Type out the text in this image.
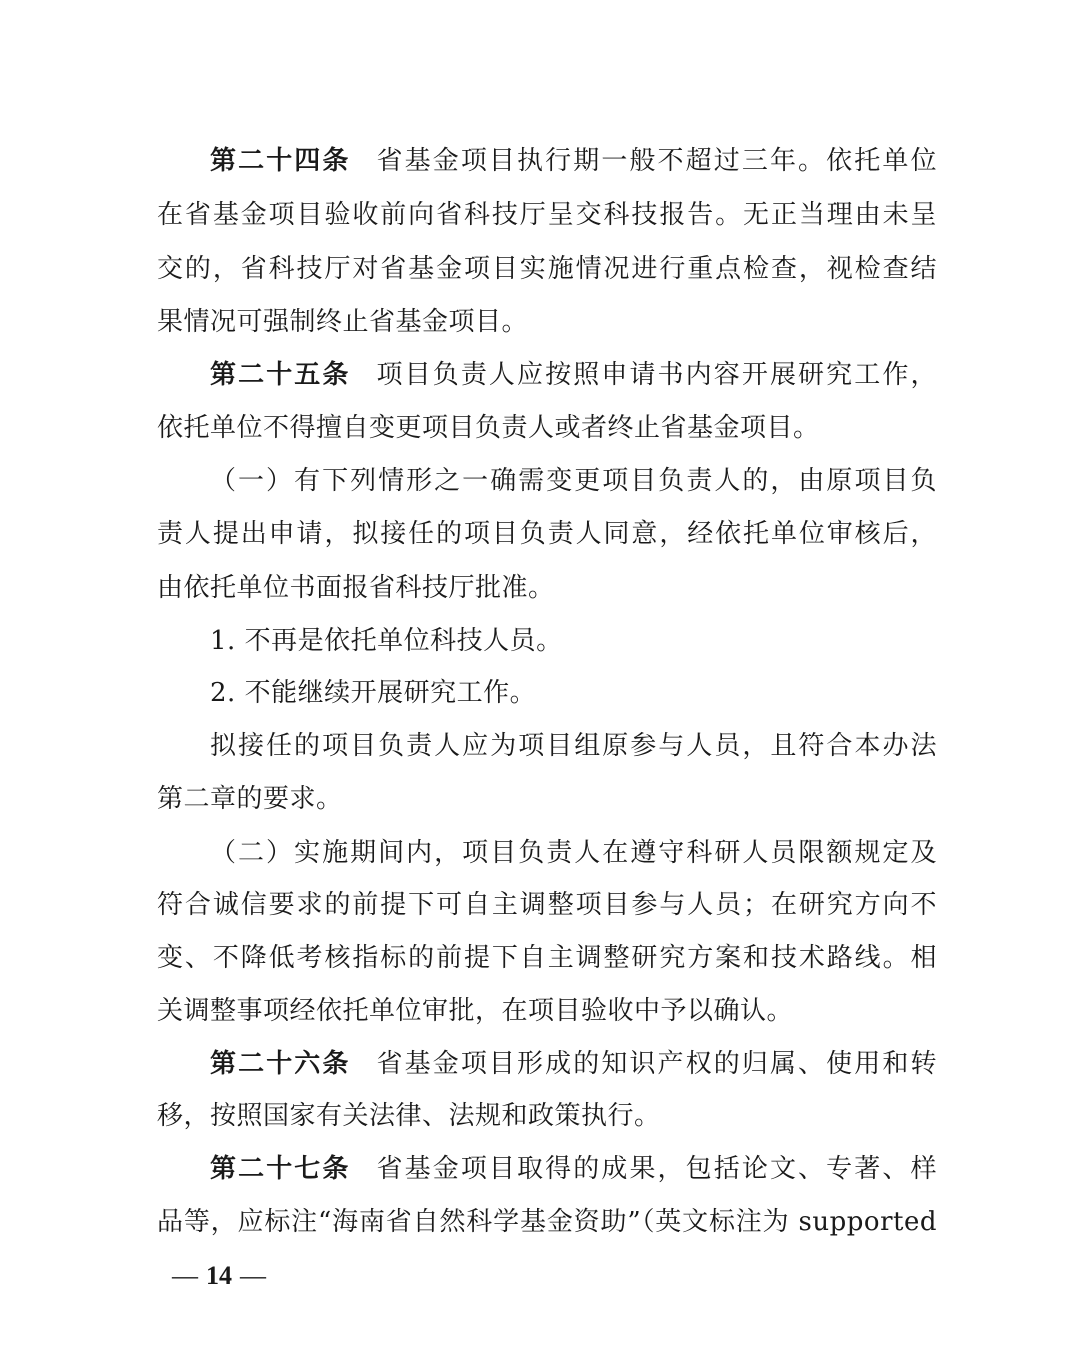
第二十四条 省基金项目执行期一般不超过三年。依托单位
在省基金项目验收前向省科技厅呈交科技报告。无正当理由未呈
交的，省科技厅对省基金项目实施情况进行重点检查，视检查结
果情况可强制终止省基金项目。
第二十五条 项目负责人应按照申请书内容开展研究工作，
依托单位不得擅自变更项目负责人或者终止省基金项目。
（一）有下列情形之一确需变更项目负责人的，由原项目负
责人提出申请，拟接任的项目负责人同意，经依托单位审核后，
由依托单位书面报省科技厅批准。
1. 不再是依托单位科技人员。
2. 不能继续开展研究工作。
拟接任的项目负责人应为项目组原参与人员，且符合本办法
第二章的要求。
（二）实施期间内，项目负责人在遵守科研人员限额规定及
符合诚信要求的前提下可自主调整项目参与人员；在研究方向不
变、不降低考核指标的前提下自主调整研究方案和技术路线。相
关调整事项经依托单位审批，在项目验收中予以确认。
第二十六条 省基金项目形成的知识产权的归属、使用和转
移，按照国家有关法律、法规和政策执行。
第二十七条 省基金项目取得的成果，包括论文、专著、样
品等，应标注“海南省自然科学基金资助”（英文标注为 supported
— 14 —
